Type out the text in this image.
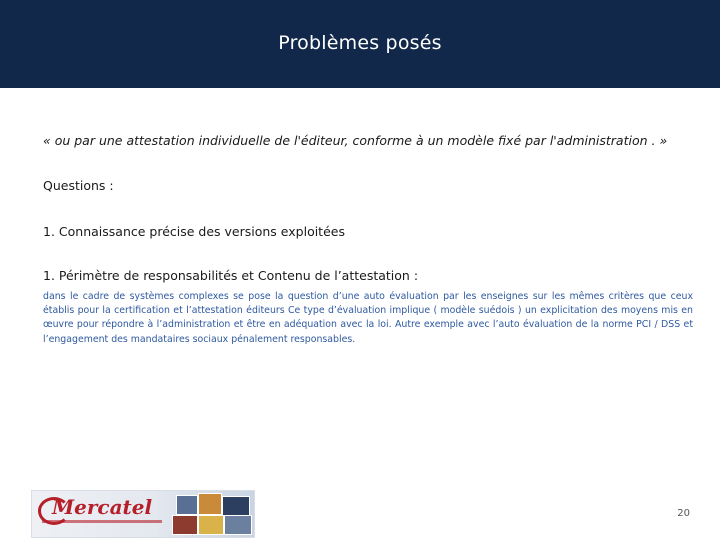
Problèmes posés
« ou par une attestation individuelle de l'éditeur, conforme à un modèle fixé par l'administration . »
Questions :
1. Connaissance précise des versions exploitées
1. Périmètre de responsabilités et Contenu de l’attestation :
dans le cadre de systèmes complexes se pose la question d’une auto évaluation par les enseignes sur les mêmes critères que ceux établis pour la certification et l’attestation éditeurs Ce type d’évaluation implique ( modèle suédois ) un explicitation des moyens mis en œuvre pour répondre à l’administration et être en adéquation avec la loi. Autre exemple avec l’auto évaluation de la norme PCI / DSS et l’engagement des mandataires sociaux pénalement responsables.
Mercatel	20
